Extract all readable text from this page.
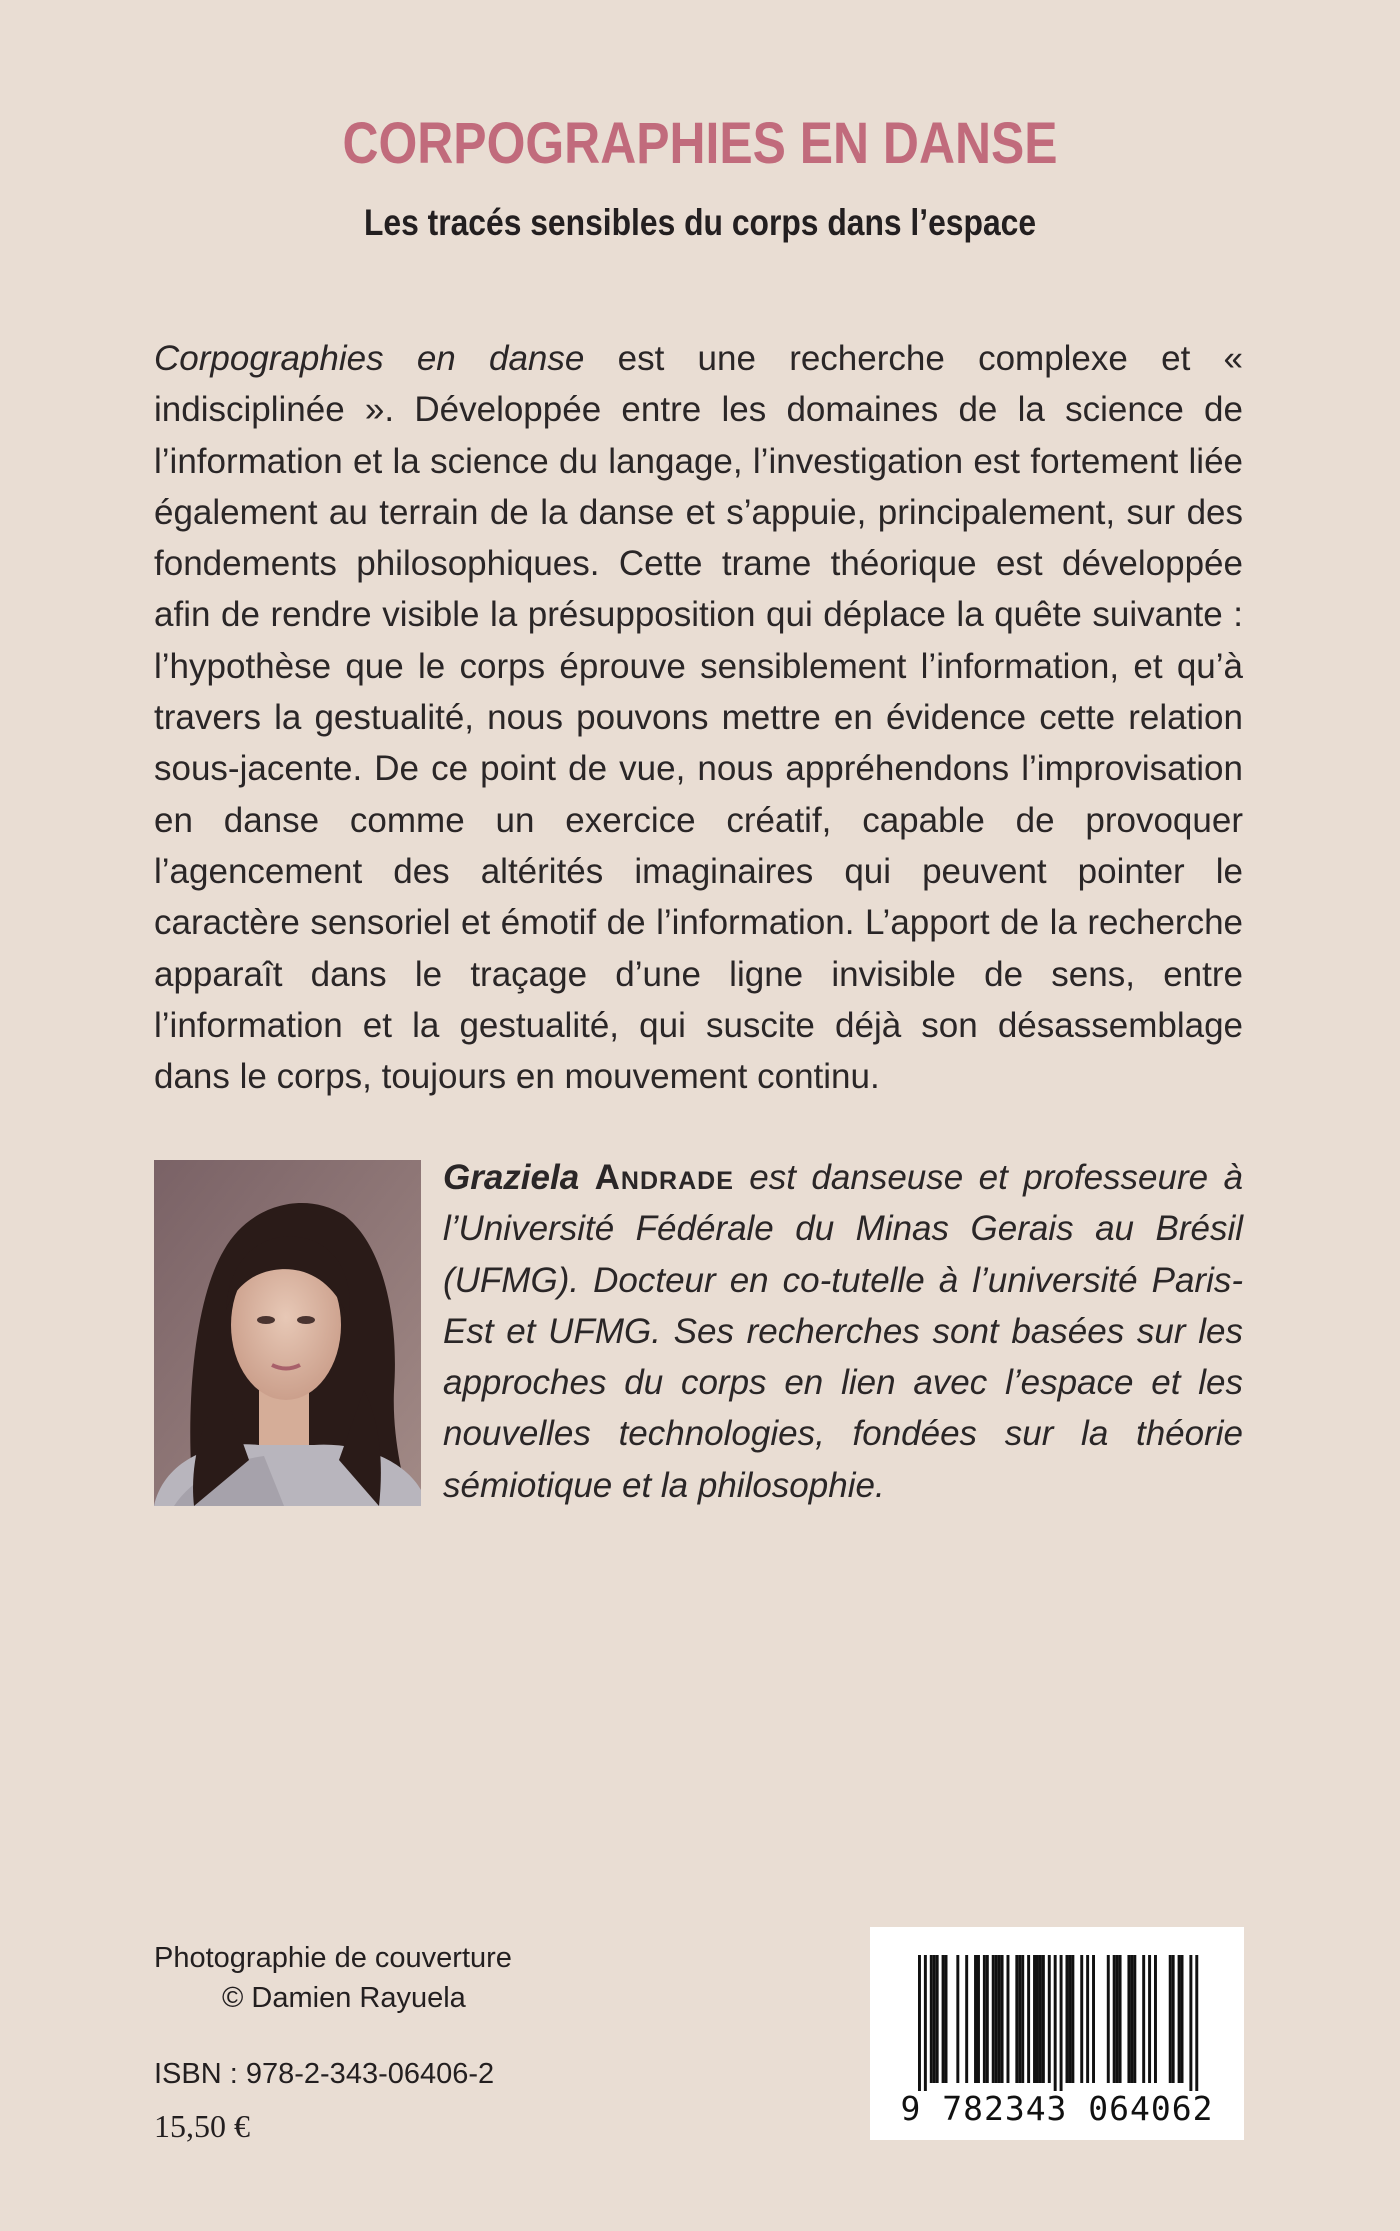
CORPOGRAPHIES EN DANSE
Les tracés sensibles du corps dans l’espace

Corpographies en danse est une recherche complexe et « indisciplinée ». Développée entre les domaines de la science de l’information et la science du langage, l’investigation est fortement liée également au terrain de la danse et s’appuie, principalement, sur des fondements philosophiques. Cette trame théorique est développée afin de rendre visible la présupposition qui déplace la quête suivante : l’hypothèse que le corps éprouve sensiblement l’information, et qu’à travers la gestualité, nous pouvons mettre en évidence cette relation sous-jacente. De ce point de vue, nous appréhendons l’improvisation en danse comme un exercice créatif, capable de provoquer l’agencement des altérités imaginaires qui peuvent pointer le caractère sensoriel et émotif de l’information. L’apport de la recherche apparaît dans le traçage d’une ligne invisible de sens, entre l’information et la gestualité, qui suscite déjà son désassemblage dans le corps, toujours en mouvement continu.

Graziela Andrade est danseuse et professeure à l’Université Fédérale du Minas Gerais au Brésil (UFMG). Docteur en co-tutelle à l’université Paris-Est et UFMG. Ses recherches sont basées sur les approches du corps en lien avec l’espace et les nouvelles technologies, fondées sur la théorie sémiotique et la philosophie.

Photographie de couverture
© Damien Rayuela
ISBN : 978-2-343-06406-2
15,50 €	9 782343 064062
